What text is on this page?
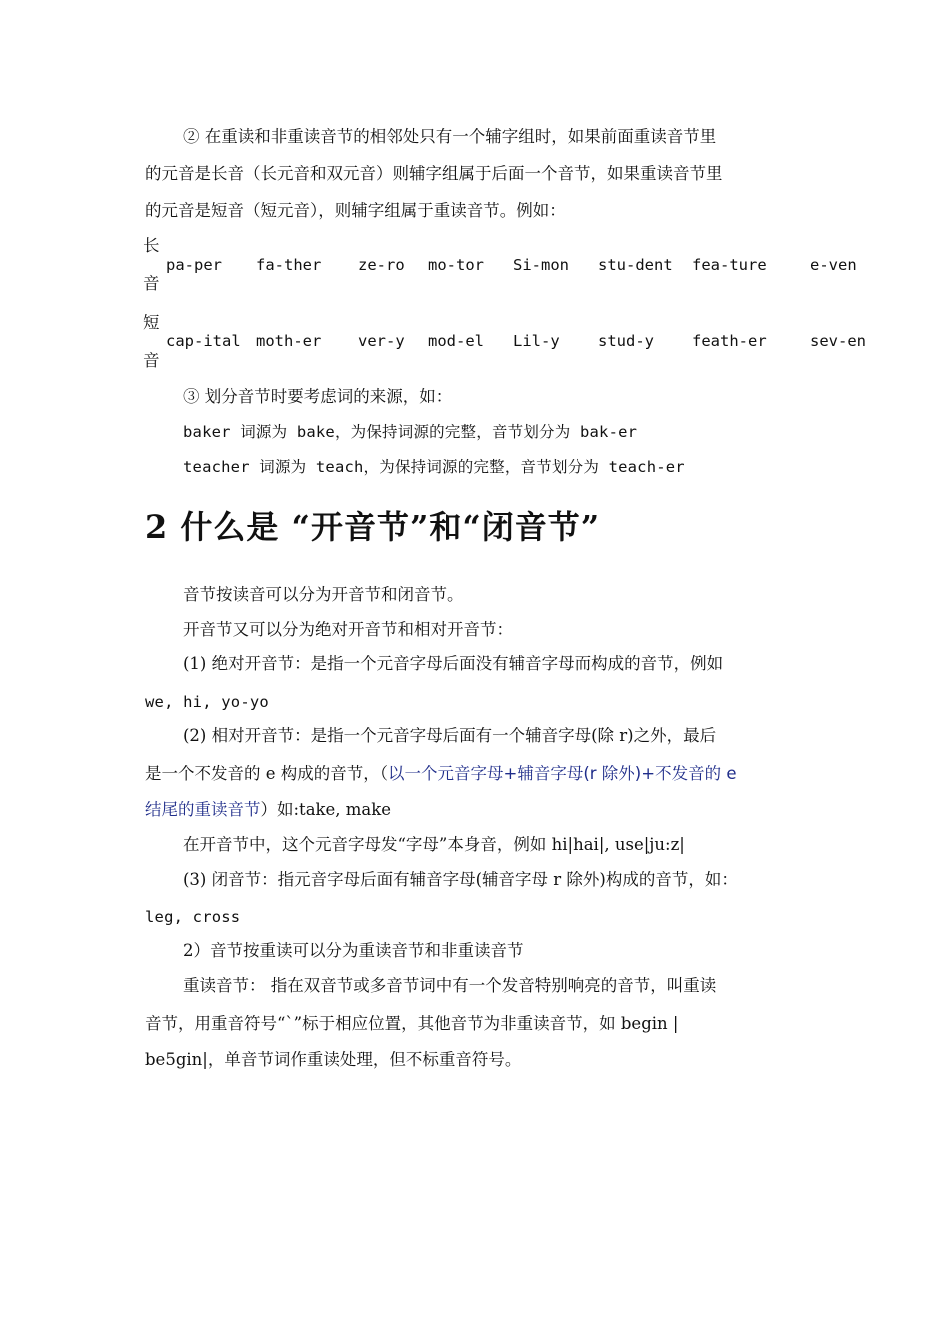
② 在重读和非重读音节的相邻处只有一个辅字组时，如果前面重读音节里
的元音是长音（长元音和双元音）则辅字组属于后面一个音节，如果重读音节里
的元音是短音（短元音），则辅字组属于重读音节。例如：
长
音
pa-per fa-ther ze-ro mo-tor Si-mon stu-dent fea-ture	e-ven
短
音
cap-ital moth-er ver-y mod-el Lil-y stud-y feath-er	sev-en
③ 划分音节时要考虑词的来源，如：
baker 词源为 bake，为保持词源的完整，音节划分为 bak-er
teacher 词源为 teach，为保持词源的完整，音节划分为 teach-er
2 什么是 “开音节”和“闭音节”
音节按读音可以分为开音节和闭音节。
开音节又可以分为绝对开音节和相对开音节：
(1) 绝对开音节：是指一个元音字母后面没有辅音字母而构成的音节，例如
we, hi, yo-yo
(2) 相对开音节：是指一个元音字母后面有一个辅音字母(除 r)之外，最后
是一个不发音的 e 构成的音节，（以一个元音字母+辅音字母(r 除外)+不发音的 e
结尾的重读音节）如:take, make
在开音节中，这个元音字母发“字母”本身音，例如 hi|hai|, use|ju:z|
(3) 闭音节：指元音字母后面有辅音字母(辅音字母 r 除外)构成的音节，如：
leg, cross
2）音节按重读可以分为重读音节和非重读音节
重读音节： 指在双音节或多音节词中有一个发音特别响亮的音节，叫重读
音节，用重音符号“`”标于相应位置，其他音节为非重读音节，如 begin |
be5gin|，单音节词作重读处理，但不标重音符号。
